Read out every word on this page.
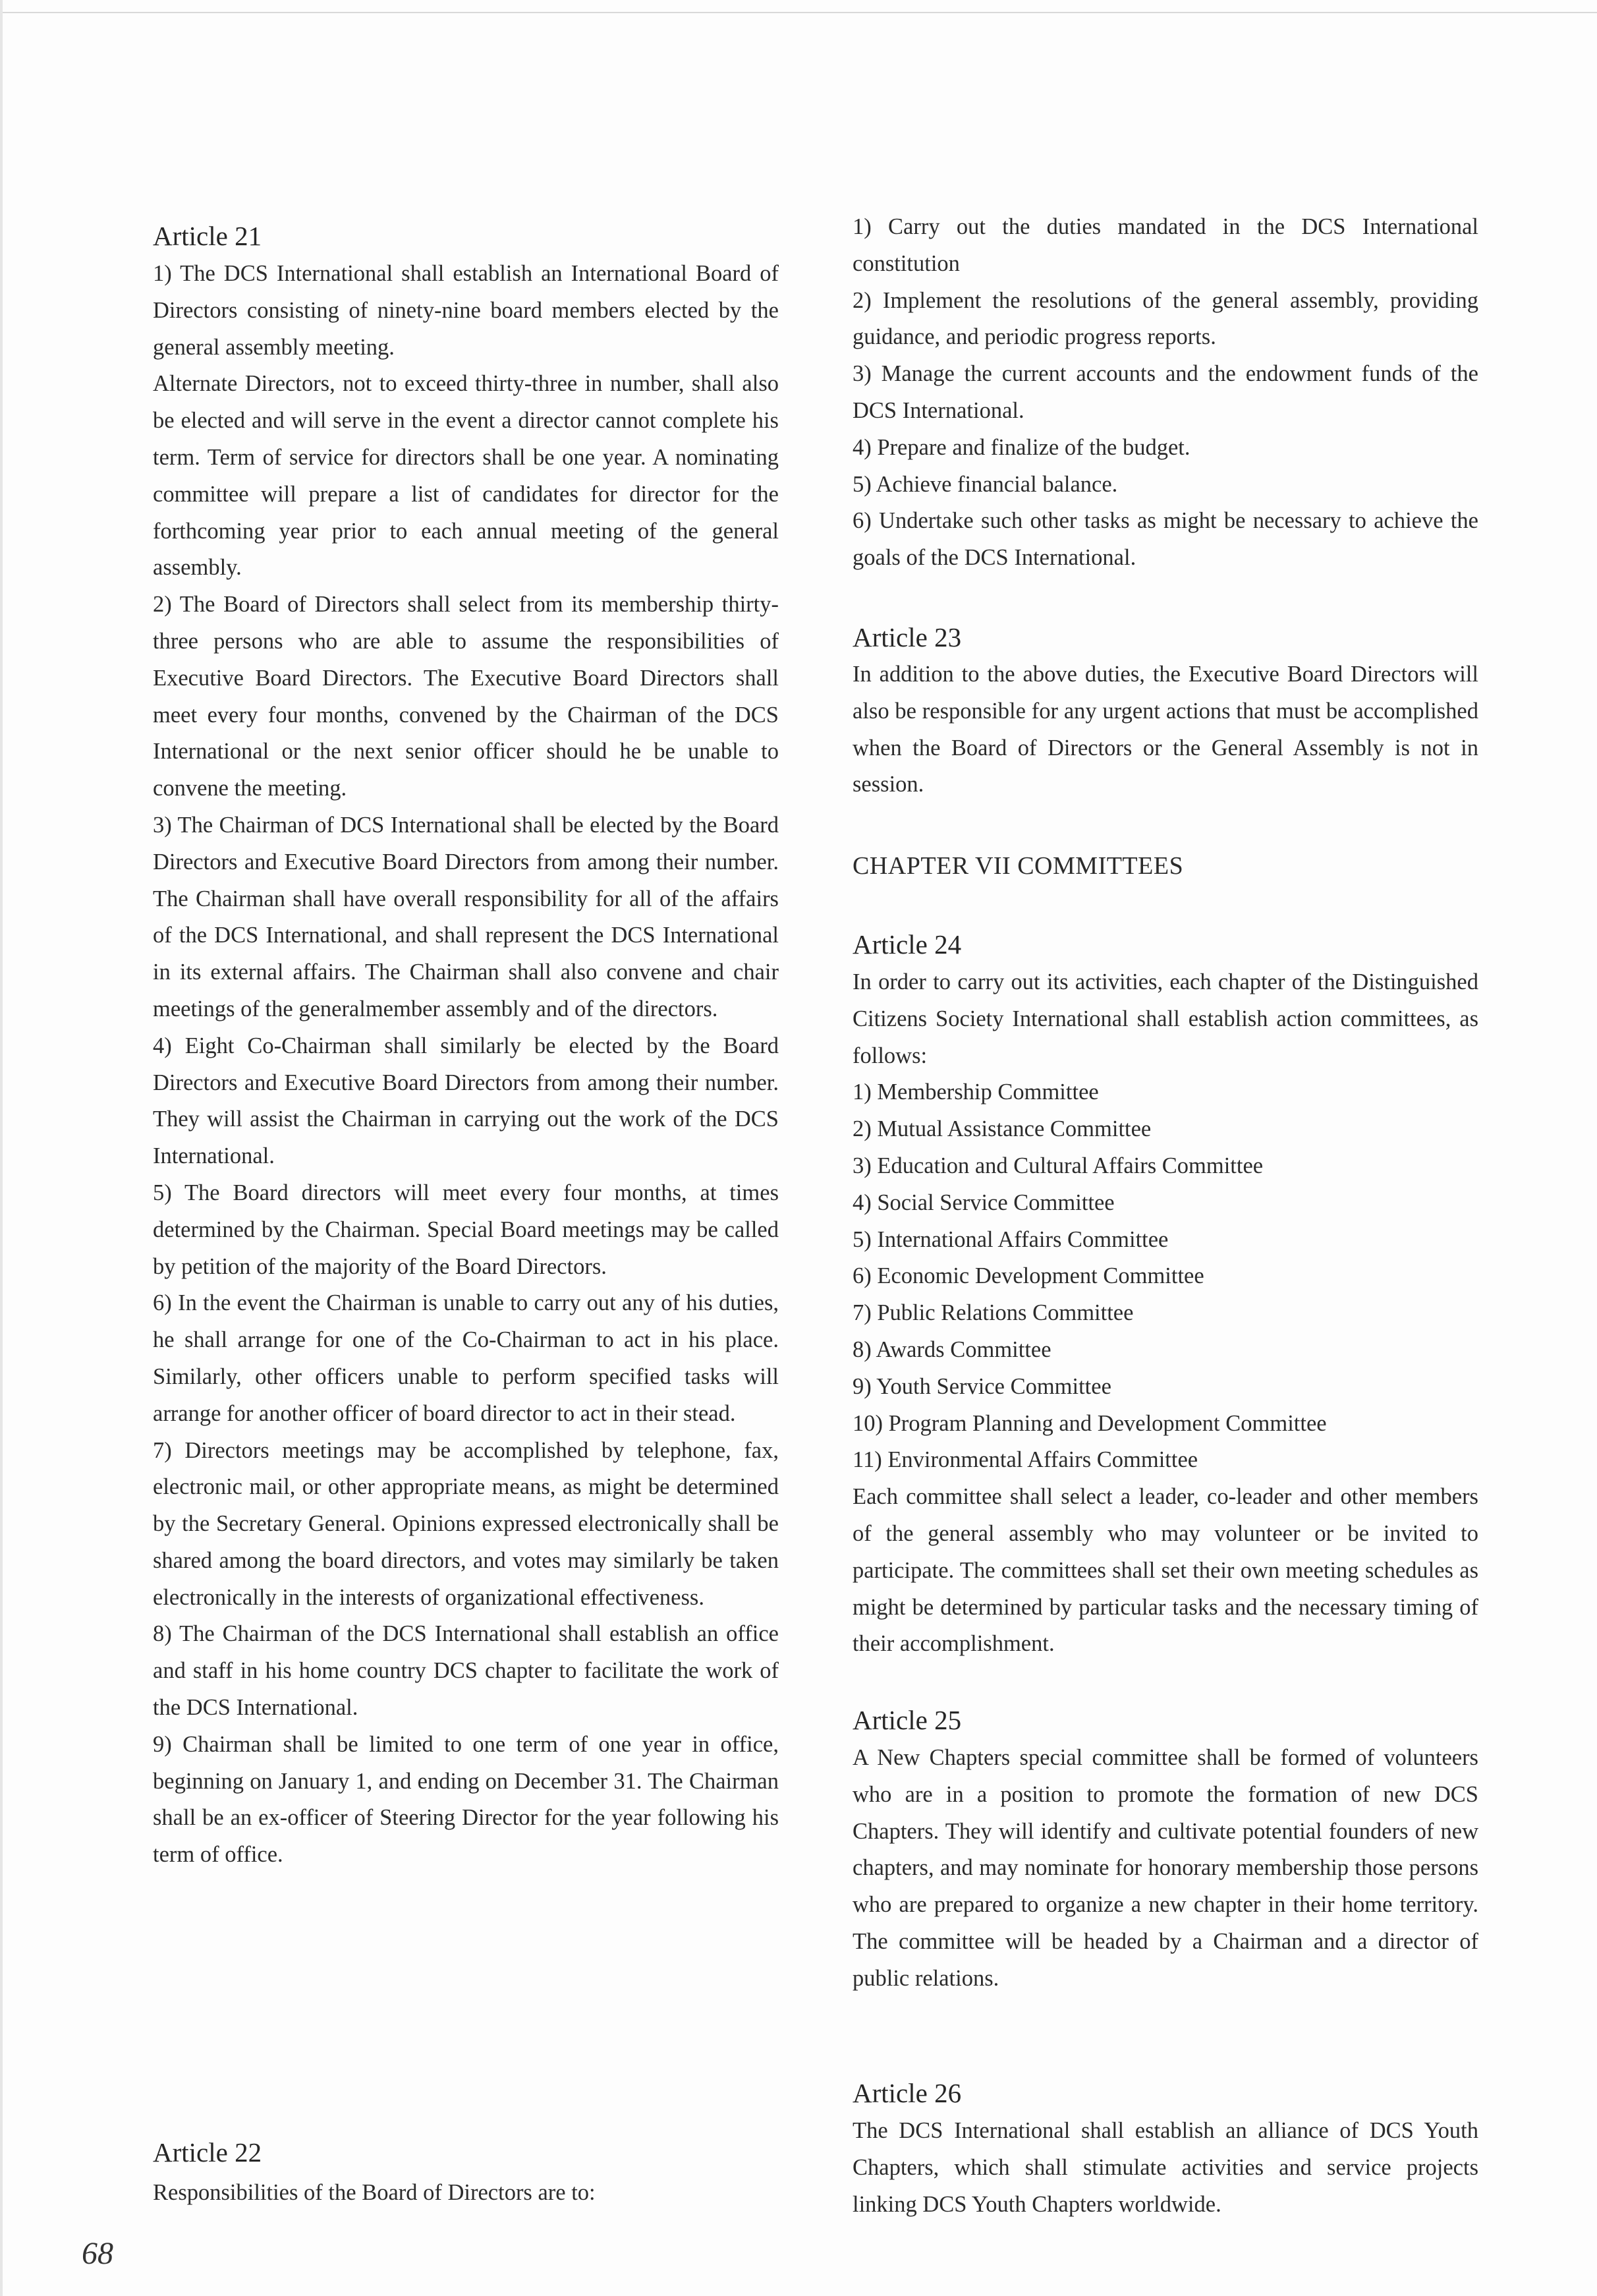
Article 21

1) The DCS International shall establish an International Board of Directors consisting of ninety-nine board members elected by the general assembly meeting.

Alternate Directors, not to exceed thirty-three in number, shall also be elected and will serve in the event a director cannot complete his term. Term of service for directors shall be one year. A nominating committee will prepare a list of candidates for director for the forthcoming year prior to each annual meeting of the general assembly.

2) The Board of Directors shall select from its membership thirty-three persons who are able to assume the responsibilities of Executive Board Directors. The Executive Board Directors shall meet every four months, convened by the Chairman of the DCS International or the next senior officer should he be unable to convene the meeting.

3) The Chairman of DCS International shall be elected by the Board Directors and Executive Board Directors from among their number. The Chairman shall have overall responsibility for all of the affairs of the DCS International, and shall represent the DCS International in its external affairs. The Chairman shall also convene and chair meetings of the generalmember assembly and of the directors.

4) Eight Co-Chairman shall similarly be elected by the Board Directors and Executive Board Directors from among their number. They will assist the Chairman in carrying out the work of the DCS International.

5) The Board directors will meet every four months, at times determined by the Chairman. Special Board meetings may be called by petition of the majority of the Board Directors.

6) In the event the Chairman is unable to carry out any of his duties, he shall arrange for one of the Co-Chairman to act in his place. Similarly, other officers unable to perform specified tasks will arrange for another officer of board director to act in their stead.

7) Directors meetings may be accomplished by telephone, fax, electronic mail, or other appropriate means, as might be determined by the Secretary General. Opinions expressed electronically shall be shared among the board directors, and votes may similarly be taken electronically in the interests of organizational effectiveness.

8) The Chairman of the DCS International shall establish an office and staff in his home country DCS chapter to facilitate the work of the DCS International.

9) Chairman shall be limited to one term of one year in office, beginning on January 1, and ending on December 31. The Chairman shall be an ex-officer of Steering Director for the year following his term of office.

Article 22

Responsibilities of the Board of Directors are to:

1) Carry out the duties mandated in the DCS International constitution

2) Implement the resolutions of the general assembly, providing guidance, and periodic progress reports.

3) Manage the current accounts and the endowment funds of the DCS International.

4) Prepare and finalize of the budget.

5) Achieve financial balance.

6) Undertake such other tasks as might be necessary to achieve the goals of the DCS International.

Article 23

In addition to the above duties, the Executive Board Directors will also be responsible for any urgent actions that must be accomplished when the Board of Directors or the General Assembly is not in session.

CHAPTER VII COMMITTEES
Article 24

In order to carry out its activities, each chapter of the Distinguished Citizens Society International shall establish action committees, as follows:

1) Membership Committee

2) Mutual Assistance Committee

3) Education and Cultural Affairs Committee

4) Social Service Committee

5) International Affairs Committee

6) Economic Development Committee

7) Public Relations Committee

8) Awards Committee

9) Youth Service Committee

10) Program Planning and Development Committee

11) Environmental Affairs Committee

Each committee shall select a leader, co-leader and other members of the general assembly who may volunteer or be invited to participate. The committees shall set their own meeting schedules as might be determined by particular tasks and the necessary timing of their accomplishment.

Article 25

A New Chapters special committee shall be formed of volunteers who are in a position to promote the formation of new DCS Chapters. They will identify and cultivate potential founders of new chapters, and may nominate for honorary membership those persons who are prepared to organize a new chapter in their home territory. The committee will be headed by a Chairman and a director of public relations.

Article 26

The DCS International shall establish an alliance of DCS Youth Chapters, which shall stimulate activities and service projects linking DCS Youth Chapters worldwide.

68
